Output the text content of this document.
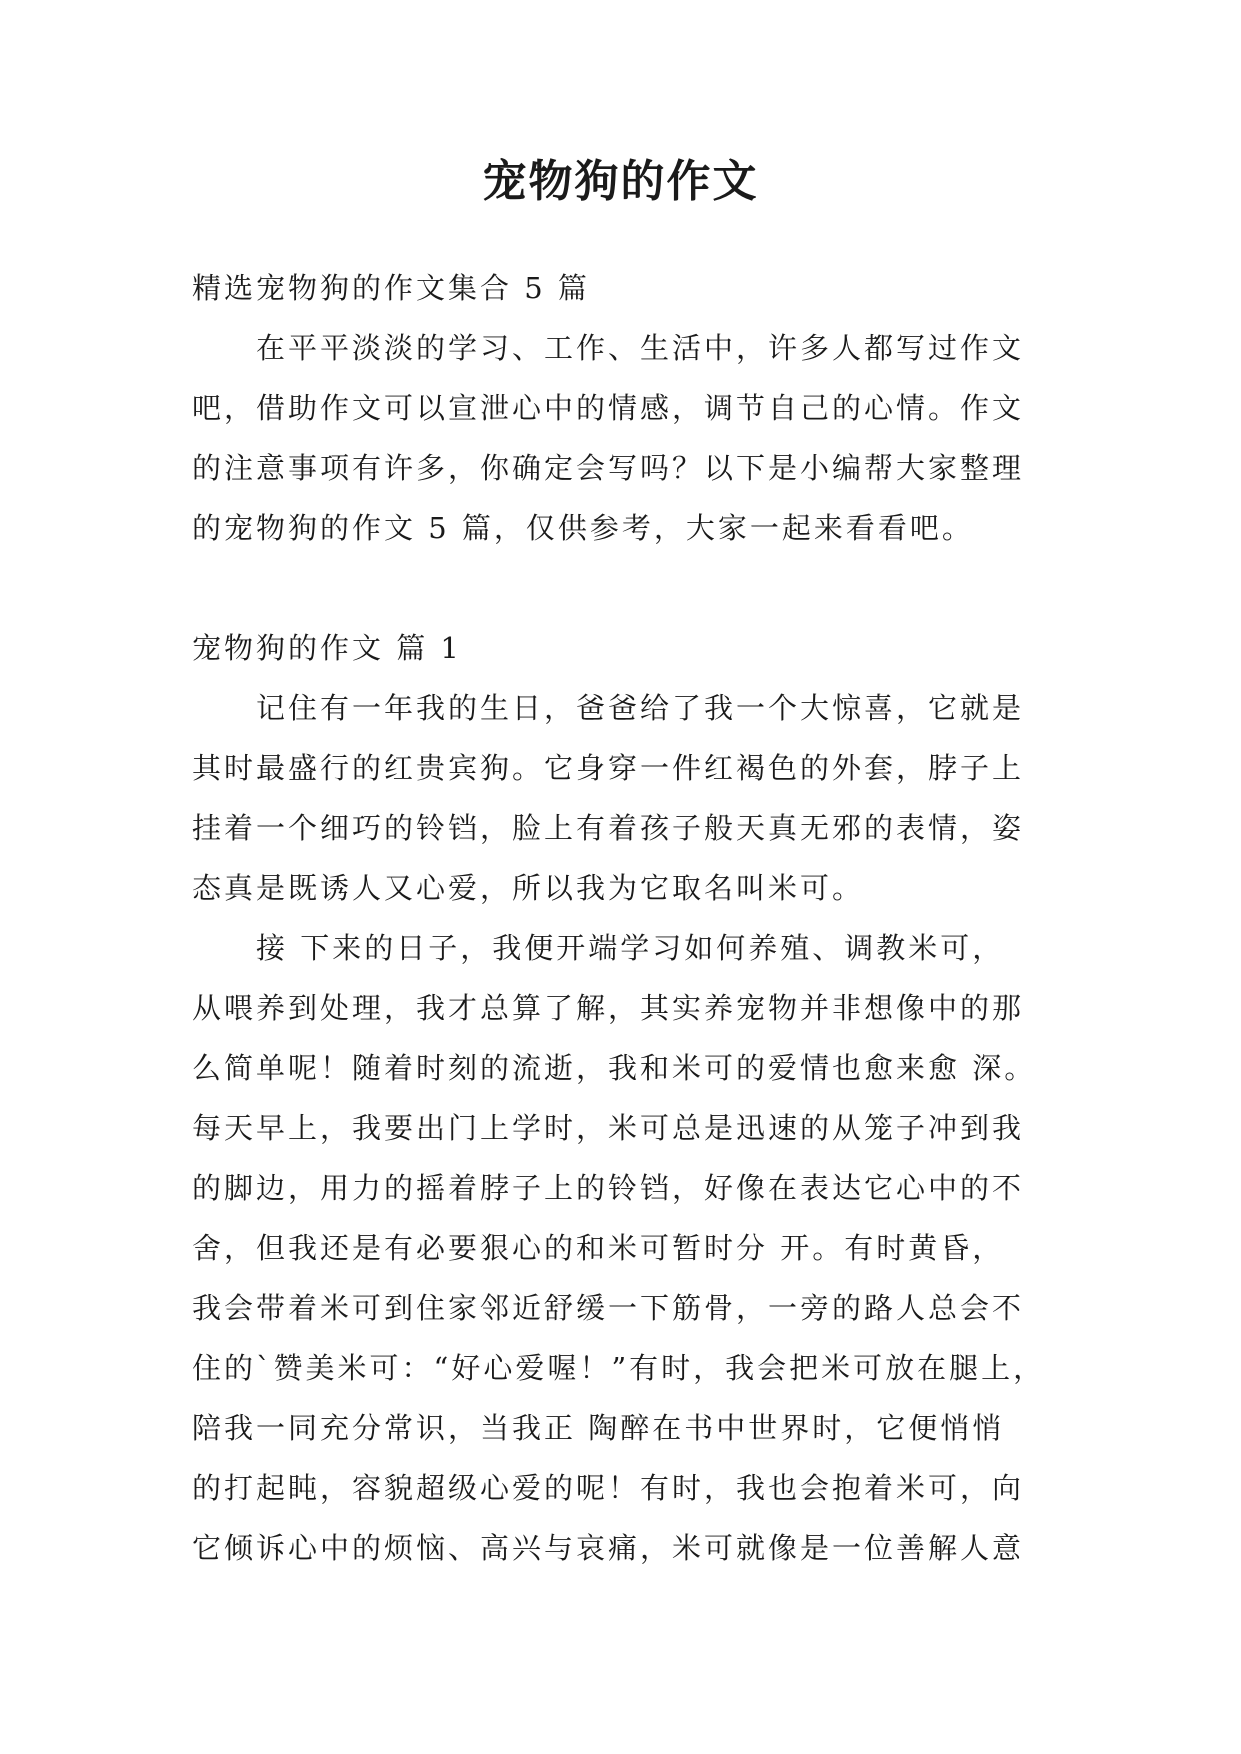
宠物狗的作文

精选宠物狗的作文集合 5 篇

在平平淡淡的学习、工作、生活中，许多人都写过作文

吧，借助作文可以宣泄心中的情感，调节自己的心情。作文

的注意事项有许多，你确定会写吗？以下是小编帮大家整理

的宠物狗的作文 5 篇，仅供参考，大家一起来看看吧。

宠物狗的作文 篇 1

记住有一年我的生日，爸爸给了我一个大惊喜，它就是

其时最盛行的红贵宾狗。它身穿一件红褐色的外套，脖子上

挂着一个细巧的铃铛，脸上有着孩子般天真无邪的表情，姿

态真是既诱人又心爱，所以我为它取名叫米可。

接 下来的日子，我便开端学习如何养殖、调教米可，

从喂养到处理，我才总算了解，其实养宠物并非想像中的那

么简单呢！随着时刻的流逝，我和米可的爱情也愈来愈 深。

每天早上，我要出门上学时，米可总是迅速的从笼子冲到我

的脚边，用力的摇着脖子上的铃铛，好像在表达它心中的不

舍，但我还是有必要狠心的和米可暂时分 开。有时黄昏，

我会带着米可到住家邻近舒缓一下筋骨，一旁的路人总会不

住的`赞美米可：“好心爱喔！”有时，我会把米可放在腿上，

陪我一同充分常识，当我正 陶醉在书中世界时，它便悄悄

的打起盹，容貌超级心爱的呢！有时，我也会抱着米可，向

它倾诉心中的烦恼、高兴与哀痛，米可就像是一位善解人意
